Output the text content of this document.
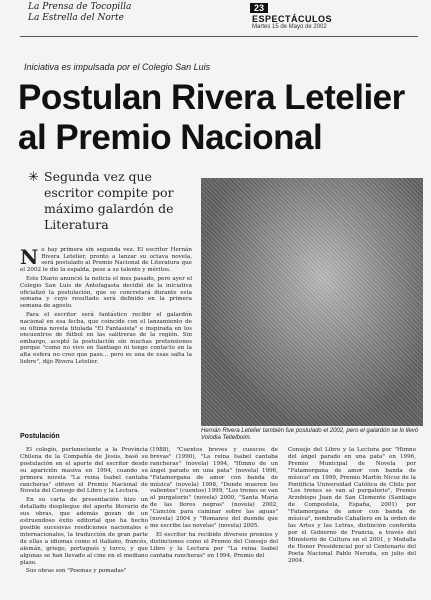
La Prensa de Tocopilla
La Estrella del Norte
23
ESPECTÁCULOS
Martes 15 de Mayo de 2002
Iniciativa es impulsada por el Colegio San Luis
Postulan Rivera Letelier al Premio Nacional
✳ Segunda vez que escritor compite por máximo galardón de Literatura

No hay primera sin segunda vez. El escritor Hernán Rivera Letelier, pronto a lanzar su octava novela, será postulado al Premio Nacional de Literatura que el 2002 le dio la espalda, pese a su talento y méritos.

Este Diario anunció la noticia el mes pasado, pero ayer el Colegio San Luis de Antofagasta decidió de la iniciativa oficializó la postulación, que se concretará durante esta semana y cuyo resultado será definido en la primera semana de agosto.

Para el escritor será fantástico recibir el galardón nacional en esa fecha, que coincide con el lanzamiento de su última novela titulada "El Fantasista" e inspirada en los encuentros de fútbol en las salitreras de la región. Sin embargo, aceptó la postulación sin muchas pretensiones porque "como no vivo en Santiago ni tengo contacto en la alta esfera no creo que pase... pero es una de esas salta la liebre", dijo Rivera Letelier.

Postulación

El colegio, perteneciente a la Provincia Chilena de la Compañía de Jesús, basó su postulación en el aporte del escritor desde su aparición masiva en 1994, cuando su primera novela "La reina Isabel cantaba rancheras" obtuvo el Premio Nacional de Novela del Consejo del Libro y la Lectura.

En su carta de presentación hizo un detallado despliegue del aporte literario de sus obras, que además gozan de un estruendoso éxito editorial que ha hecho posible sucesivas reediciones nacionales e internacionales, la traducción de gran parte de ellas a idiomas como el italiano, francés, alemán, griego, portugués y turco, y que algunas se han llevado al cine en el mediano plazo.

Sus obras son "Poemas y pomadas"

Hernán Rivera Letelier también fue postulado el 2002, pero el galardón se lo llevó Volodia Teitelboim.

(1988), "Cuentos breves y cuescos de brevas" (1990), "La reina Isabel cantaba rancheras" (novela) 1994, "Himno de un ángel parado en una pata" (novela) 1996, "Fatamorgana de amor con banda de música" (novela) 1998, "Donde mueren los valientes" (cuentos) 1999, "Los trenes se van al purgatorio" (novela) 2000, "Santa María de las flores negras" (novela) 2002, "Canción para caminar sobre las aguas" (novela) 2004 y "Romance del duende que me escribe las novelas" (novela) 2005.

El escritor ha recibido diversos premios y distinciones como el Premio del Consejo del Libro y la Lectura por "La reina Isabel cantaba rancheras" en 1994, Premio del

Consejo del Libro y la Lectura por "Himno del ángel parado en una pata" en 1996, Premio Municipal de Novela por "Fatamorgana de amor con banda de música" en 1999, Premio Martín Nicoz de la Pontificia Universidad Católica de Chile por "Los trenes se van al purgatorio", Premio Arzobispo Juan de San Clemente (Santiago de Compostela, España, 2001) por "Fatamorgana de amor con banda de música", nombrado Caballero en la orden de las Artes y las Letras, distinción conferida por el Gobierno de Francia, a través del Ministerio de Cultura en el 2001, y Medalla de Honor Presidencial por el Centenario del Poeta Nacional Pablo Neruda, en julio del 2004.
